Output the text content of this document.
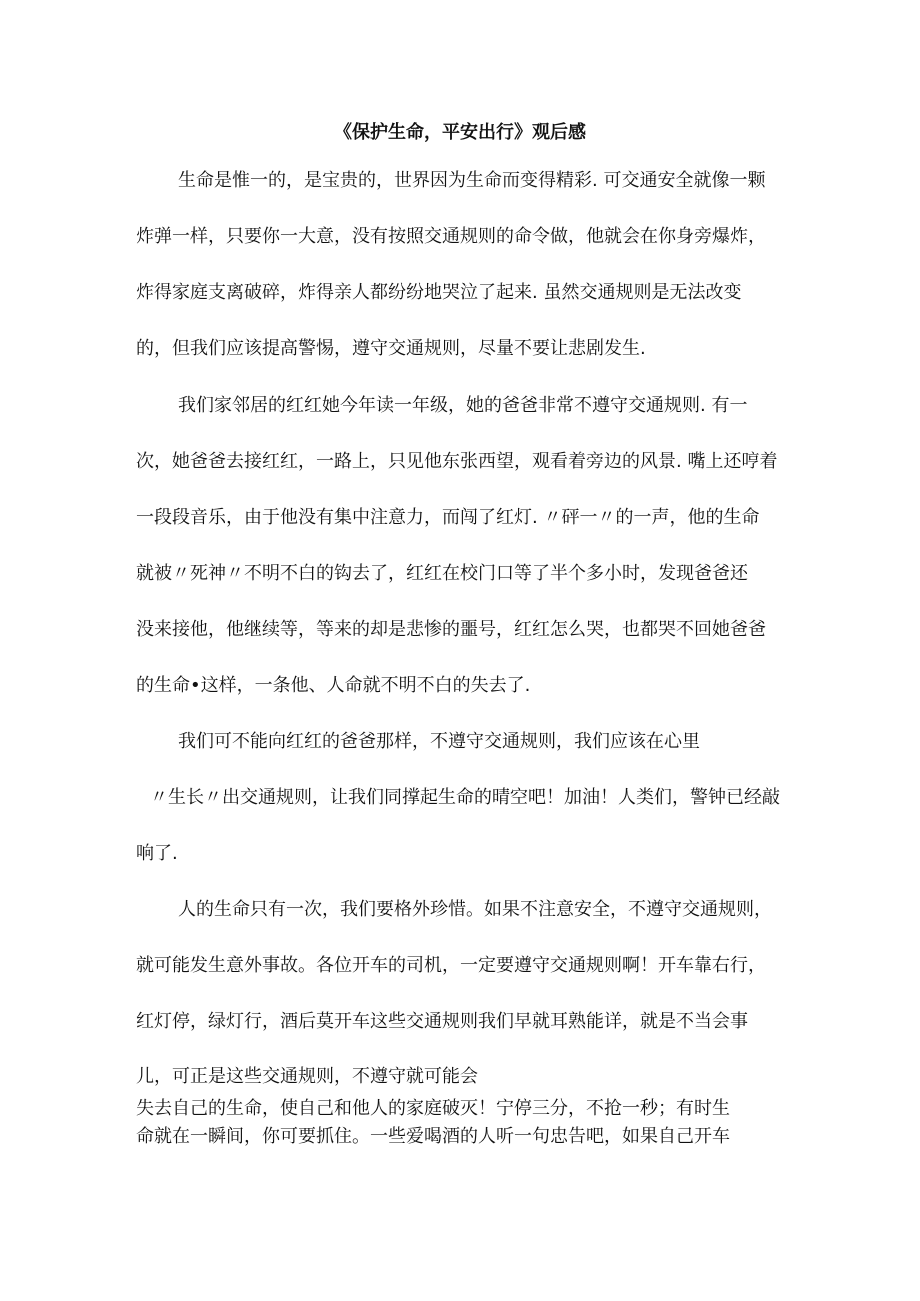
《保护生命，平安出行》观后感

生命是惟一的，是宝贵的，世界因为生命而变得精彩. 可交通安全就像一颗

炸弹一样，只要你一大意，没有按照交通规则的命令做，他就会在你身旁爆炸，

炸得家庭支离破碎，炸得亲人都纷纷地哭泣了起来. 虽然交通规则是无法改变

的，但我们应该提高警惕，遵守交通规则，尽量不要让悲剧发生.

我们家邻居的红红她今年读一年级，她的爸爸非常不遵守交通规则. 有一

次，她爸爸去接红红，一路上，只见他东张西望，观看着旁边的风景. 嘴上还哼着

一段段音乐，由于他没有集中注意力，而闯了红灯. 〃砰一〃的一声，他的生命

就被〃死神〃不明不白的钩去了，红红在校门口等了半个多小时，发现爸爸还

没来接他，他继续等，等来的却是悲惨的噩号，红红怎么哭，也都哭不回她爸爸

的生命•这样，一条他、人命就不明不白的失去了.

我们可不能向红红的爸爸那样，不遵守交通规则，我们应该在心里

〃生长〃出交通规则，让我们同撑起生命的晴空吧！加油！人类们，警钟已经敲

响了.

人的生命只有一次，我们要格外珍惜。如果不注意安全，不遵守交通规则，

就可能发生意外事故。各位开车的司机，一定要遵守交通规则啊！开车靠右行，

红灯停，绿灯行，酒后莫开车这些交通规则我们早就耳熟能详，就是不当会事

儿，可正是这些交通规则，不遵守就可能会

失去自己的生命，使自己和他人的家庭破灭！宁停三分，不抢一秒；有时生

命就在一瞬间，你可要抓住。一些爱喝酒的人听一句忠告吧，如果自己开车
